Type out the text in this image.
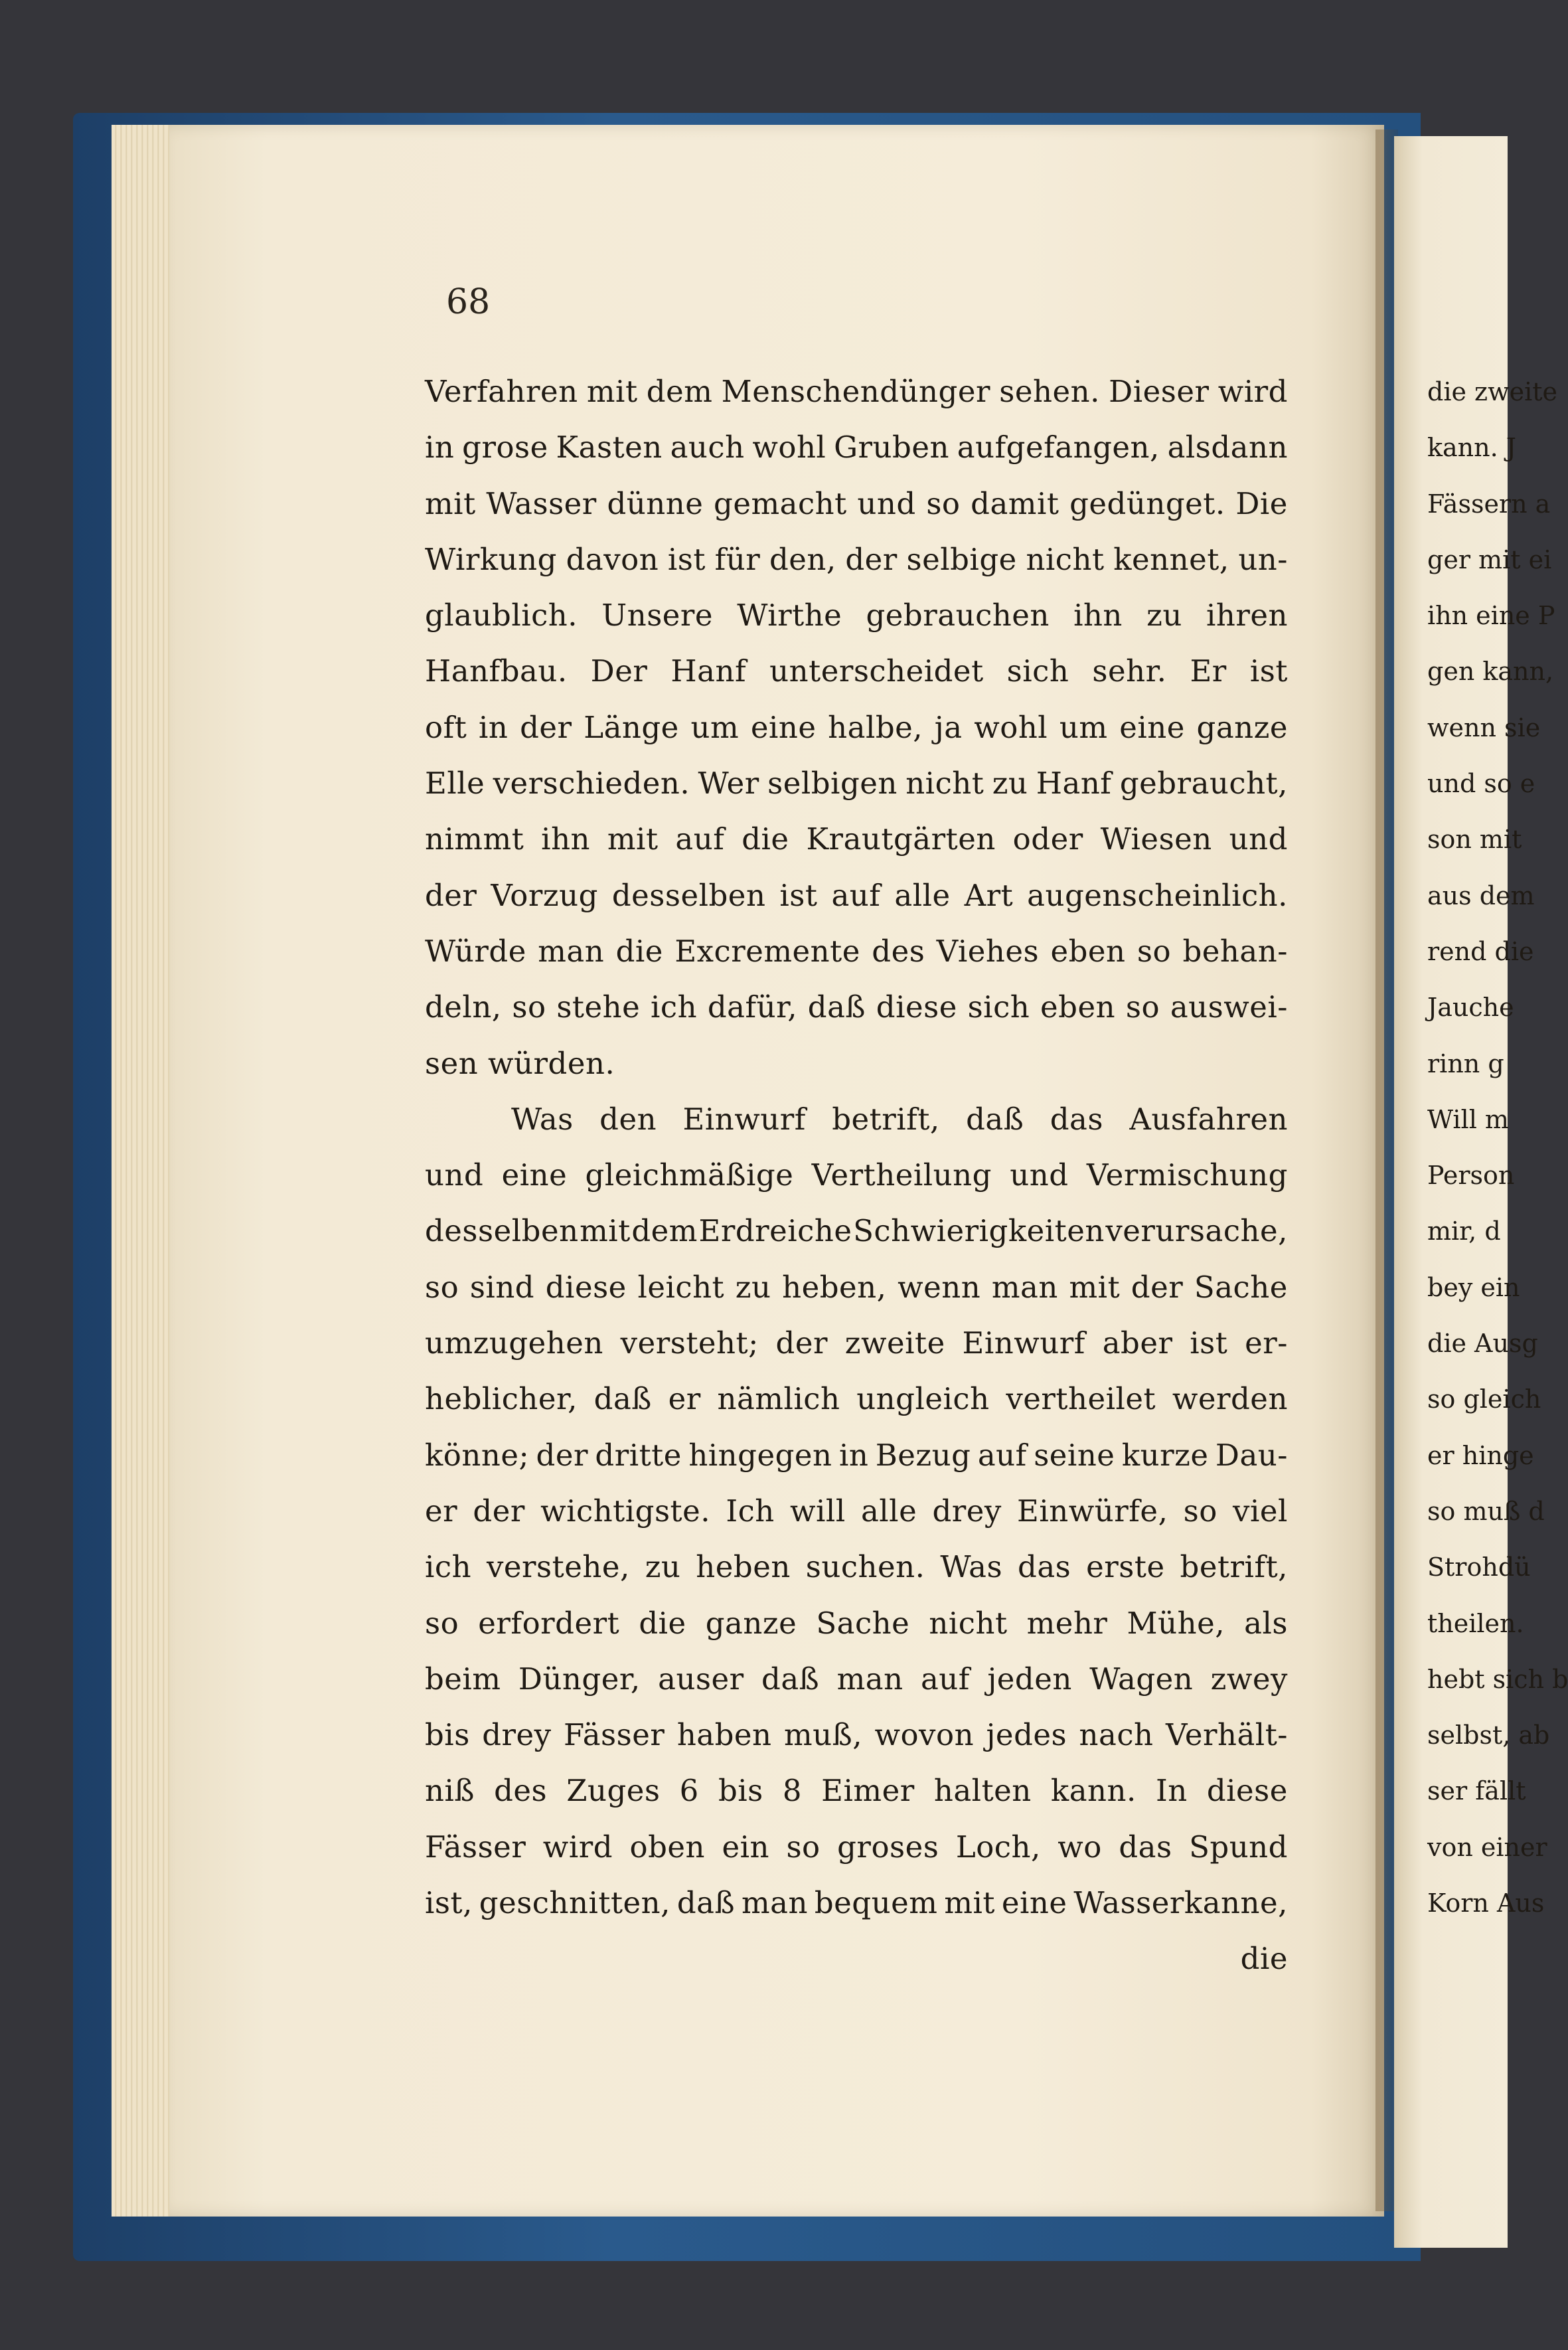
68
Verfahren mit dem Menschendünger sehen. Dieser wird
in grose Kasten auch wohl Gruben aufgefangen, alsdann
mit Wasser dünne gemacht und so damit gedünget. Die
Wirkung davon ist für den, der selbige nicht kennet, un-
glaublich. Unsere Wirthe gebrauchen ihn zu ihren
Hanfbau. Der Hanf unterscheidet sich sehr. Er ist
oft in der Länge um eine halbe, ja wohl um eine ganze
Elle verschieden. Wer selbigen nicht zu Hanf gebraucht,
nimmt ihn mit auf die Krautgärten oder Wiesen und
der Vorzug desselben ist auf alle Art augenscheinlich.
Würde man die Excremente des Viehes eben so behan-
deln, so stehe ich dafür, daß diese sich eben so auswei-
sen würden.
Was den Einwurf betrift, daß das Ausfahren
und eine gleichmäßige Vertheilung und Vermischung
desselben mit dem Erdreiche Schwierigkeiten verursache,
so sind diese leicht zu heben, wenn man mit der Sache
umzugehen versteht; der zweite Einwurf aber ist er-
heblicher, daß er nämlich ungleich vertheilet werden
könne; der dritte hingegen in Bezug auf seine kurze Dau-
er der wichtigste. Ich will alle drey Einwürfe, so viel
ich verstehe, zu heben suchen. Was das erste betrift,
so erfordert die ganze Sache nicht mehr Mühe, als
beim Dünger, auser daß man auf jeden Wagen zwey
bis drey Fässer haben muß, wovon jedes nach Verhält-
niß des Zuges 6 bis 8 Eimer halten kann. In diese
Fässer wird oben ein so groses Loch, wo das Spund
ist, geschnitten, daß man bequem mit eine Wasserkanne,
die
die zweite
kann. J
Fässern a
ger mit ei
ihn eine P
gen kann,
wenn sie
und so e
son mit
aus dem
rend die
Jauche
rinn g
Will m
Person
mir, d
bey ein
die Ausg
so gleich
er hinge
so muß d
Strohdü
theilen.
hebt sich b
selbst, ab
ser fällt
von einer
Korn Aus
